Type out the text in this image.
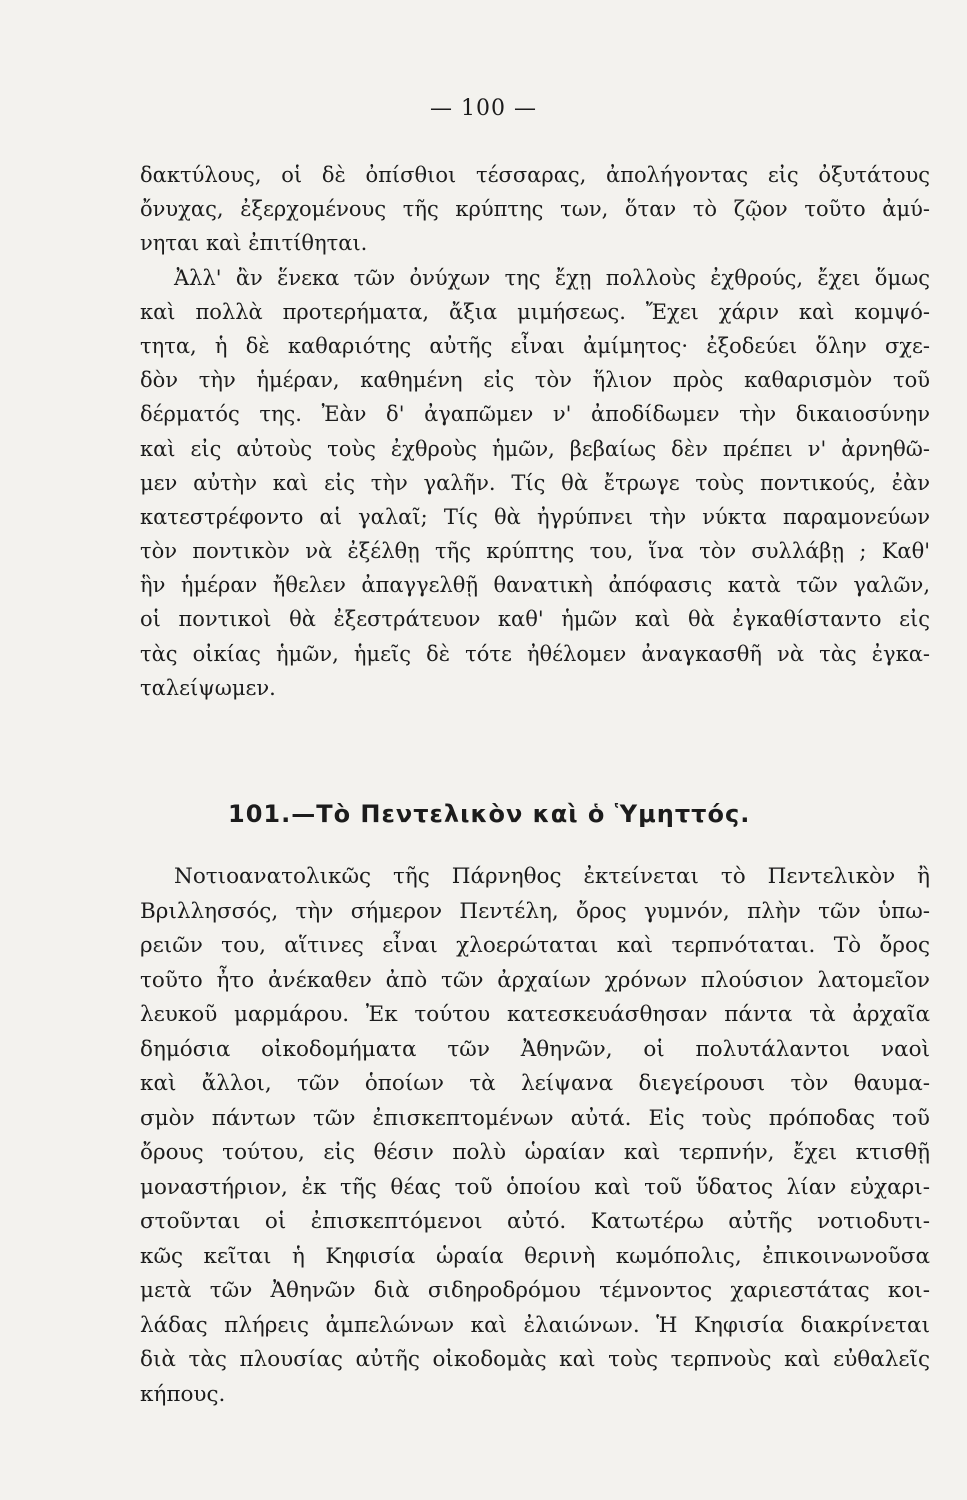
— 100 —
δακτύλους, οἱ δὲ ὀπίσθιοι τέσσαρας, ἀπολήγοντας εἰς ὀξυτάτους
ὄνυχας, ἐξερχομένους τῆς κρύπτης των, ὅταν τὸ ζῷον τοῦτο ἀμύ-
νηται καὶ ἐπιτίθηται.
Ἀλλ' ἂν ἕνεκα τῶν ὀνύχων της ἔχῃ πολλοὺς ἐχθρούς, ἔχει ὅμως
καὶ πολλὰ προτερήματα, ἄξια μιμήσεως. Ἔχει χάριν καὶ κομψό-
τητα, ἡ δὲ καθαριότης αὐτῆς εἶναι ἀμίμητος· ἐξοδεύει ὅλην σχε-
δὸν τὴν ἡμέραν, καθημένη εἰς τὸν ἥλιον πρὸς καθαρισμὸν τοῦ
δέρματός της. Ἐὰν δ' ἀγαπῶμεν ν' ἀποδίδωμεν τὴν δικαιοσύνην
καὶ εἰς αὐτοὺς τοὺς ἐχθροὺς ἡμῶν, βεβαίως δὲν πρέπει ν' ἀρνηθῶ-
μεν αὐτὴν καὶ εἰς τὴν γαλῆν. Τίς θὰ ἔτρωγε τοὺς ποντικούς, ἐὰν
κατεστρέφοντο αἱ γαλαῖ; Τίς θὰ ἠγρύπνει τὴν νύκτα παραμονεύων
τὸν ποντικὸν νὰ ἐξέλθῃ τῆς κρύπτης του, ἵνα τὸν συλλάβῃ ; Καθ'
ἣν ἡμέραν ἤθελεν ἀπαγγελθῇ θανατικὴ ἀπόφασις κατὰ τῶν γαλῶν,
οἱ ποντικοὶ θὰ ἐξεστράτευον καθ' ἡμῶν καὶ θὰ ἐγκαθίσταντο εἰς
τὰς οἰκίας ἡμῶν, ἡμεῖς δὲ τότε ἠθέλομεν ἀναγκασθῆ νὰ τὰς ἐγκα-
ταλείψωμεν.
101.—Τὸ Πεντελικὸν καὶ ὁ Ὑμηττός.
Νοτιοανατολικῶς τῆς Πάρνηθος ἐκτείνεται τὸ Πεντελικὸν ἢ
Βριλλησσός, τὴν σήμερον Πεντέλη, ὄρος γυμνόν, πλὴν τῶν ὑπω-
ρειῶν του, αἵτινες εἶναι χλοερώταται καὶ τερπνόταται. Τὸ ὄρος
τοῦτο ἦτο ἀνέκαθεν ἀπὸ τῶν ἀρχαίων χρόνων πλούσιον λατομεῖον
λευκοῦ μαρμάρου. Ἐκ τούτου κατεσκευάσθησαν πάντα τὰ ἀρχαῖα
δημόσια οἰκοδομήματα τῶν Ἀθηνῶν, οἱ πολυτάλαντοι ναοὶ
καὶ ἄλλοι, τῶν ὁποίων τὰ λείψανα διεγείρουσι τὸν θαυμα-
σμὸν πάντων τῶν ἐπισκεπτομένων αὐτά. Εἰς τοὺς πρόποδας τοῦ
ὄρους τούτου, εἰς θέσιν πολὺ ὡραίαν καὶ τερπνήν, ἔχει κτισθῇ
μοναστήριον, ἐκ τῆς θέας τοῦ ὁποίου καὶ τοῦ ὕδατος λίαν εὐχαρι-
στοῦνται οἱ ἐπισκεπτόμενοι αὐτό. Κατωτέρω αὐτῆς νοτιοδυτι-
κῶς κεῖται ἡ Κηφισία ὡραία θερινὴ κωμόπολις, ἐπικοινωνοῦσα
μετὰ τῶν Ἀθηνῶν διὰ σιδηροδρόμου τέμνοντος χαριεστάτας κοι-
λάδας πλήρεις ἀμπελώνων καὶ ἐλαιώνων. Ἡ Κηφισία διακρίνεται
διὰ τὰς πλουσίας αὐτῆς οἰκοδομὰς καὶ τοὺς τερπνοὺς καὶ εὐθαλεῖς
κήπους.
